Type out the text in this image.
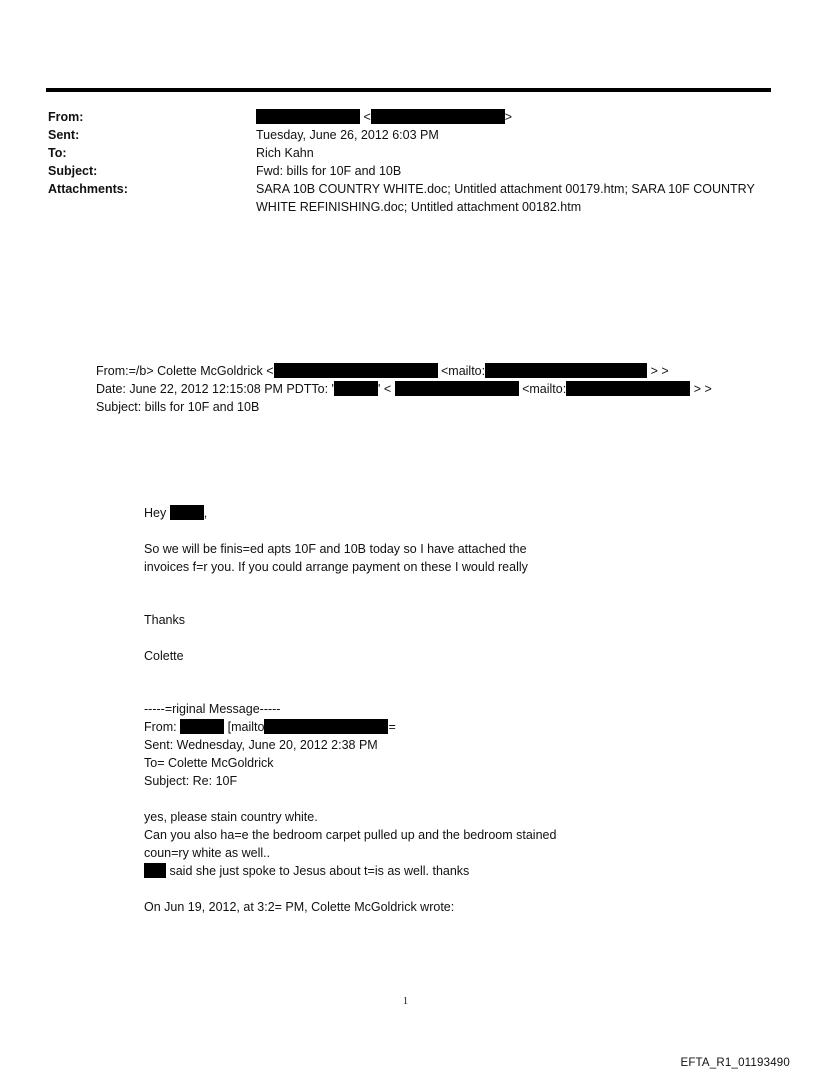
From:	<	>
Sent:	Tuesday, June 26, 2012 6:03 PM
To:	Rich Kahn
Subject:	Fwd: bills for 10F and 10B
Attachments:	SARA 10B COUNTRY WHITE.doc; Untitled attachment 00179.htm; SARA 10F COUNTRY
WHITE REFINISHING.doc; Untitled attachment 00182.htm
From:=/b> Colette McGoldrick <	<mailto:	> >
Date: June 22, 2012 12:15:08 PM PDTTo: '	' <	<mailto:	> >
Subject: bills for 10F and 10B
Hey	,
So we will be finis=ed apts 10F and 10B today so I have attached the
invoices f=r you. If you could arrange payment on these I would really
Thanks
Colette
-----=riginal Message-----
From:	[mailto	=
Sent: Wednesday, June 20, 2012 2:38 PM
To= Colette McGoldrick
Subject: Re: 10F
yes, please stain country white.
Can you also ha=e the bedroom carpet pulled up and the bedroom stained
coun=ry white as well..
said she just spoke to Jesus about t=is as well. thanks
On Jun 19, 2012, at 3:2= PM, Colette McGoldrick wrote:
1
EFTA_R1_01193490
